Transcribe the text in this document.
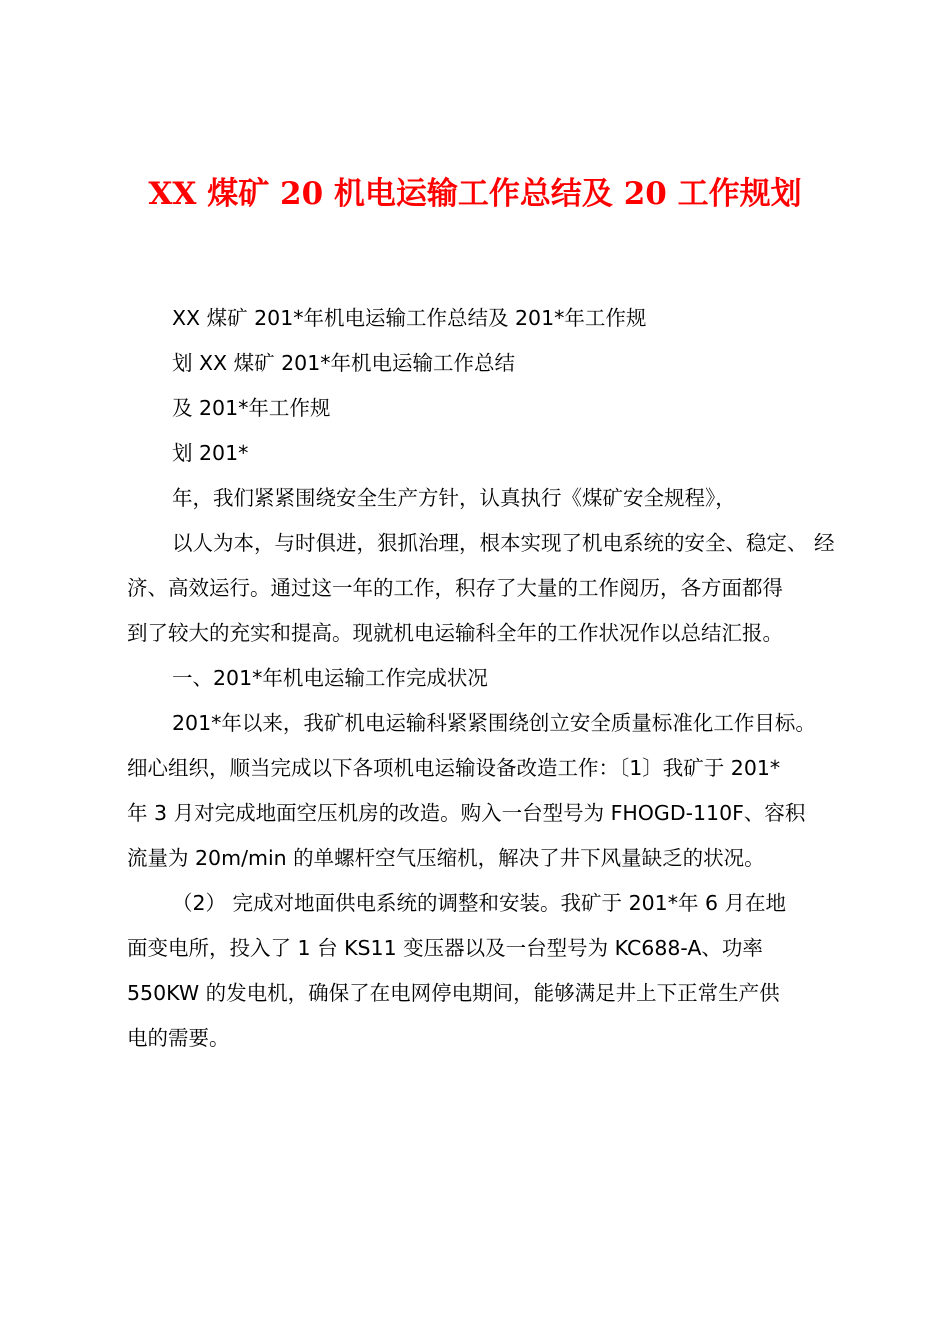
XX 煤矿 20 机电运输工作总结及 20 工作规划
XX 煤矿 201*年机电运输工作总结及 201*年工作规
划 XX 煤矿 201*年机电运输工作总结
及 201*年工作规
划 201*
年，我们紧紧围绕安全生产方针，认真执行《煤矿安全规程》，
以人为本，与时俱进，狠抓治理，根本实现了机电系统的安全、稳定、 经
济、高效运行。通过这一年的工作，积存了大量的工作阅历，各方面都得
到了较大的充实和提高。现就机电运输科全年的工作状况作以总结汇报。
一、201*年机电运输工作完成状况
201*年以来，我矿机电运输科紧紧围绕创立安全质量标准化工作目标。
细心组织，顺当完成以下各项机电运输设备改造工作：〔1〕我矿于 201*
年 3 月对完成地面空压机房的改造。购入一台型号为 FHOGD-110F、容积
流量为 20m/min 的单螺杆空气压缩机，解决了井下风量缺乏的状况。
（2） 完成对地面供电系统的调整和安装。我矿于 201*年 6 月在地
面变电所，投入了 1 台 KS11 变压器以及一台型号为 KC688-A、功率
550KW 的发电机，确保了在电网停电期间，能够满足井上下正常生产供
电的需要。
